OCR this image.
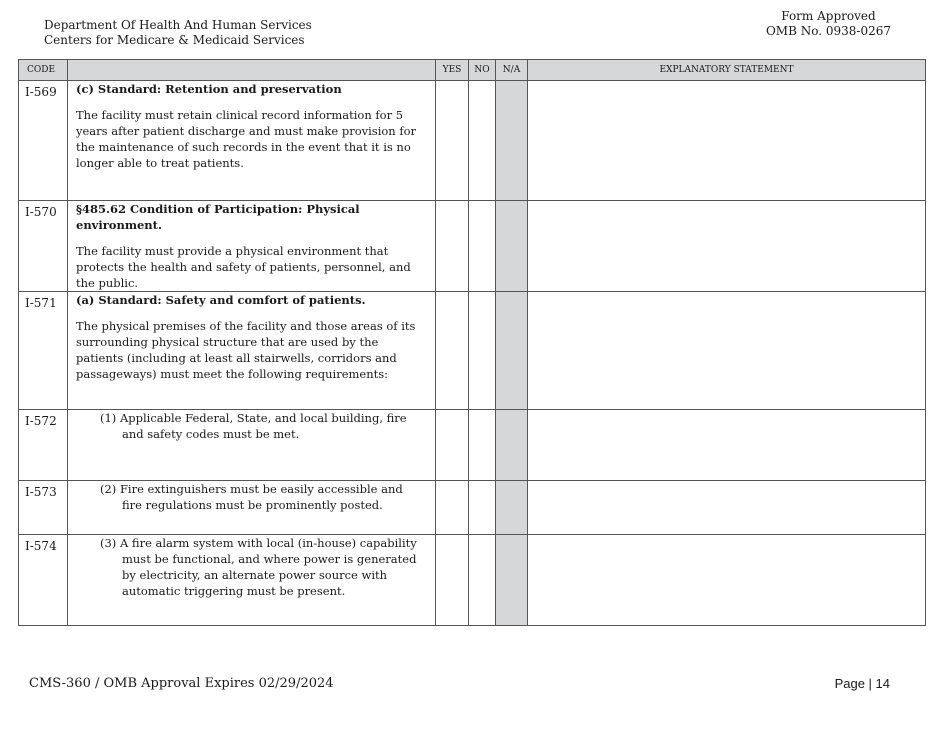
Department Of Health And Human Services
Centers for Medicare & Medicaid Services
Form Approved
OMB No. 0938-0267
CODE		YES	NO	N/A	EXPLANATORY STATEMENT
I-569	(c) Standard: Retention and preservation
The facility must retain clinical record information for 5 years after patient discharge and must make provision for the maintenance of such records in the event that it is no longer able to treat patients.				

I-570	§485.62 Condition of Participation: Physical environment.
The facility must provide a physical environment that protects the health and safety of patients, personnel, and the public.				

I-571	(a) Standard: Safety and comfort of patients.
The physical premises of the facility and those areas of its surrounding physical structure that are used by the patients (including at least all stairwells, corridors and passageways) must meet the following requirements:				

I-572	(1) Applicable Federal, State, and local building, fire and safety codes must be met.				

I-573	(2) Fire extinguishers must be easily accessible and fire regulations must be prominently posted.				

I-574	(3) A fire alarm system with local (in-house) capability must be functional, and where power is generated by electricity, an alternate power source with automatic triggering must be present.				

CMS-360 / OMB Approval Expires 02/29/2024	Page | 14
